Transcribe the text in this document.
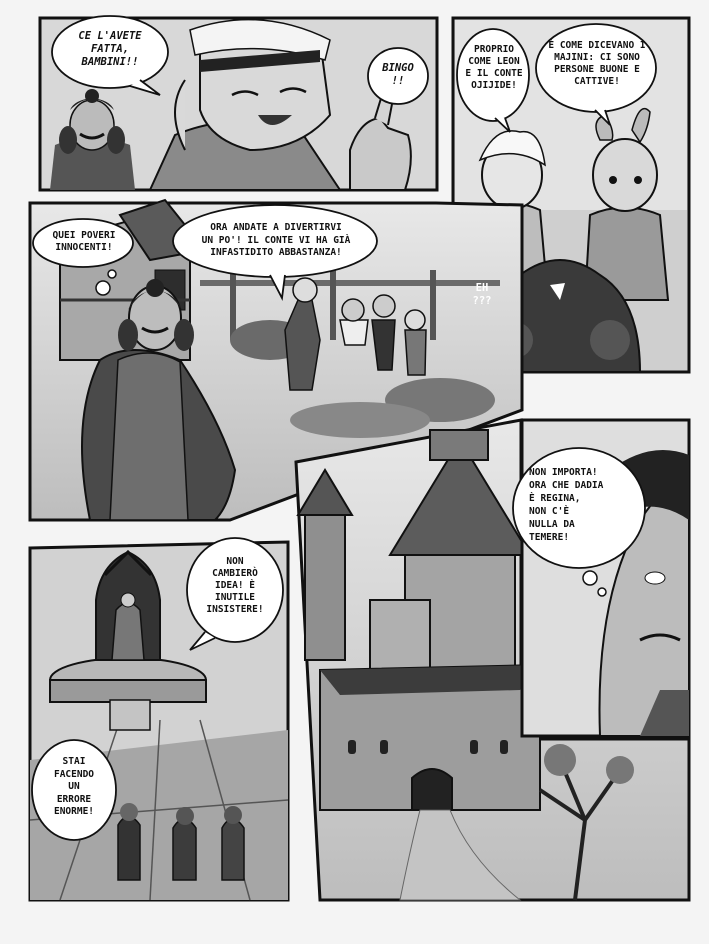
CE L'AVETE
FATTA,
BAMBINI!!	BINGO
!!
PROPRIO
COME LEON
E IL CONTE
OJIJIDE!
È COME DICEVANO I
MAJINI: CI SONO
PERSONE BUONE E
CATTIVE!
EH
???
QUEI POVERI
INNOCENTI!
ORA ANDATE A DIVERTIRVI
UN PO'! IL CONTE VI HA GIÀ
INFASTIDITO ABBASTANZA!
NON
CAMBIERÒ
IDEA! È
INUTILE
INSISTERE!
STAI
FACENDO
UN
ERRORE
ENORME!
NON IMPORTA!
ORA CHE DADIA
È REGINA,
NON C'È
NULLA DA
TEMERE!
